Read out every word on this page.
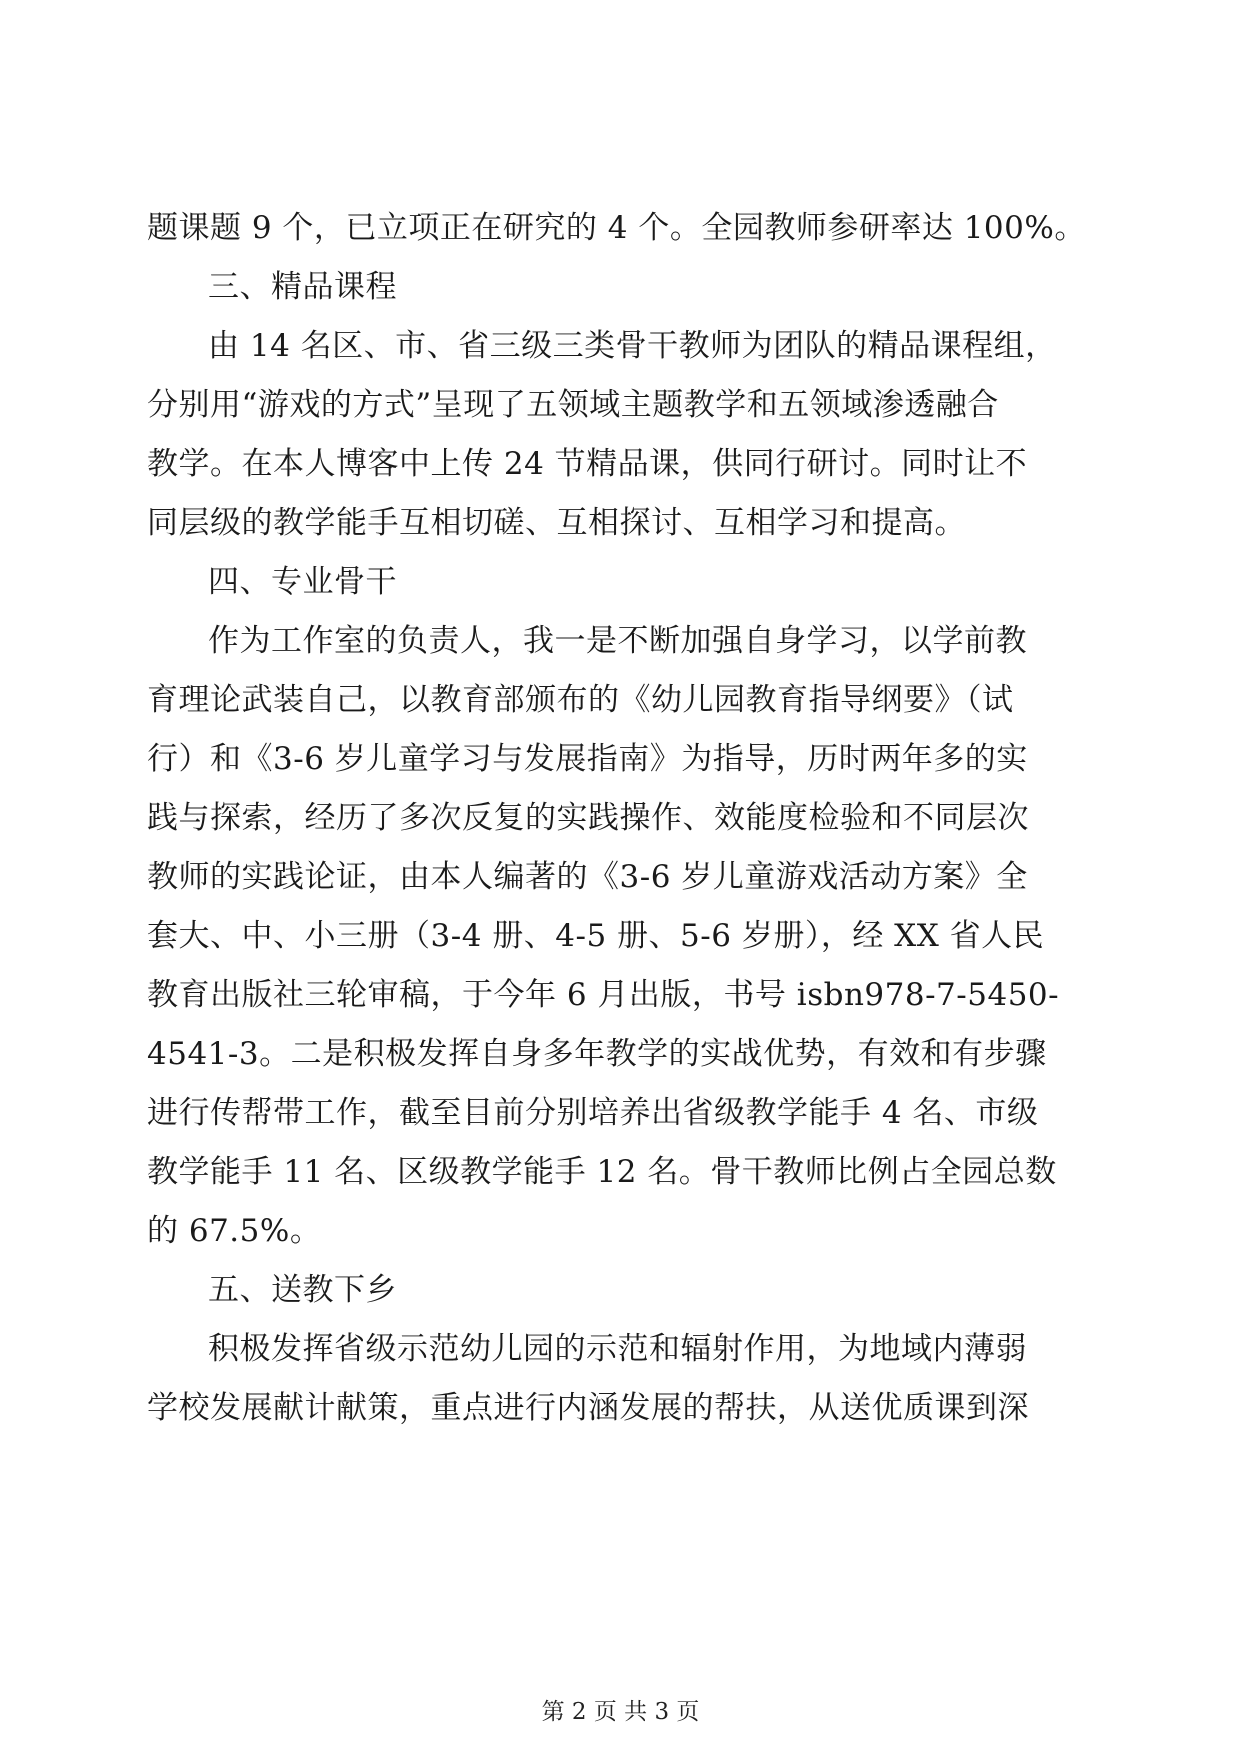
题课题 9 个，已立项正在研究的 4 个。全园教师参研率达 100%。
三、精品课程
由 14 名区、市、省三级三类骨干教师为团队的精品课程组，
分别用“游戏的方式”呈现了五领域主题教学和五领域渗透融合
教学。在本人博客中上传 24 节精品课，供同行研讨。同时让不
同层级的教学能手互相切磋、互相探讨、互相学习和提高。
四、专业骨干
作为工作室的负责人，我一是不断加强自身学习，以学前教
育理论武装自己，以教育部颁布的《幼儿园教育指导纲要》（试
行）和《3-6 岁儿童学习与发展指南》为指导，历时两年多的实
践与探索，经历了多次反复的实践操作、效能度检验和不同层次
教师的实践论证，由本人编著的《3-6 岁儿童游戏活动方案》全
套大、中、小三册（3-4 册、4-5 册、5-6 岁册），经 XX 省人民
教育出版社三轮审稿，于今年 6 月出版，书号 isbn978-7-5450-
4541-3。二是积极发挥自身多年教学的实战优势，有效和有步骤
进行传帮带工作，截至目前分别培养出省级教学能手 4 名、市级
教学能手 11 名、区级教学能手 12 名。骨干教师比例占全园总数
的 67.5%。
五、送教下乡
积极发挥省级示范幼儿园的示范和辐射作用，为地域内薄弱
学校发展献计献策，重点进行内涵发展的帮扶，从送优质课到深
第 2 页 共 3 页
